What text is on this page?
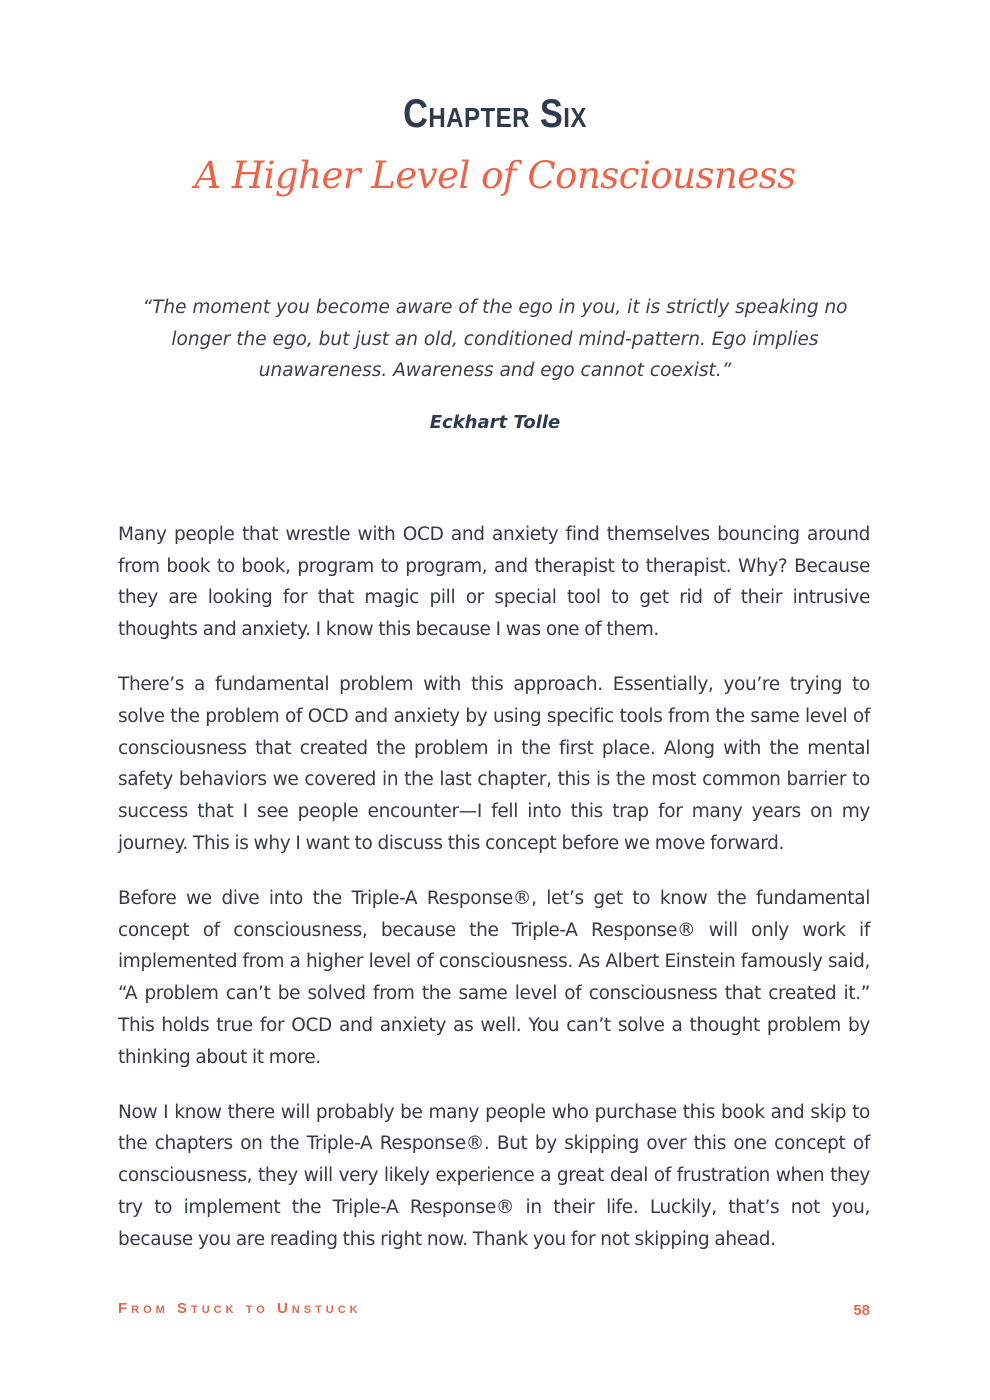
Chapter Six
A Higher Level of Consciousness

“The moment you become aware of the ego in you, it is strictly speaking no longer the ego, but just an old, conditioned mind-pattern. Ego implies unawareness. Awareness and ego cannot coexist.”

Eckhart Tolle

Many people that wrestle with OCD and anxiety find themselves bouncing around from book to book, program to program, and therapist to therapist. Why? Because they are looking for that magic pill or special tool to get rid of their intrusive thoughts and anxiety. I know this because I was one of them.

There’s a fundamental problem with this approach. Essentially, you’re trying to solve the problem of OCD and anxiety by using specific tools from the same level of consciousness that created the problem in the first place. Along with the mental safety behaviors we covered in the last chapter, this is the most common barrier to success that I see people encounter—I fell into this trap for many years on my journey. This is why I want to discuss this concept before we move forward.

Before we dive into the Triple-A Response®, let’s get to know the fundamental concept of consciousness, because the Triple-A Response® will only work if implemented from a higher level of consciousness. As Albert Einstein famously said, “A problem can’t be solved from the same level of consciousness that created it.” This holds true for OCD and anxiety as well. You can’t solve a thought problem by thinking about it more.

Now I know there will probably be many people who purchase this book and skip to the chapters on the Triple-A Response®. But by skipping over this one concept of consciousness, they will very likely experience a great deal of frustration when they try to implement the Triple-A Response® in their life. Luckily, that’s not you, because you are reading this right now. Thank you for not skipping ahead.

From Stuck to Unstuck	58
